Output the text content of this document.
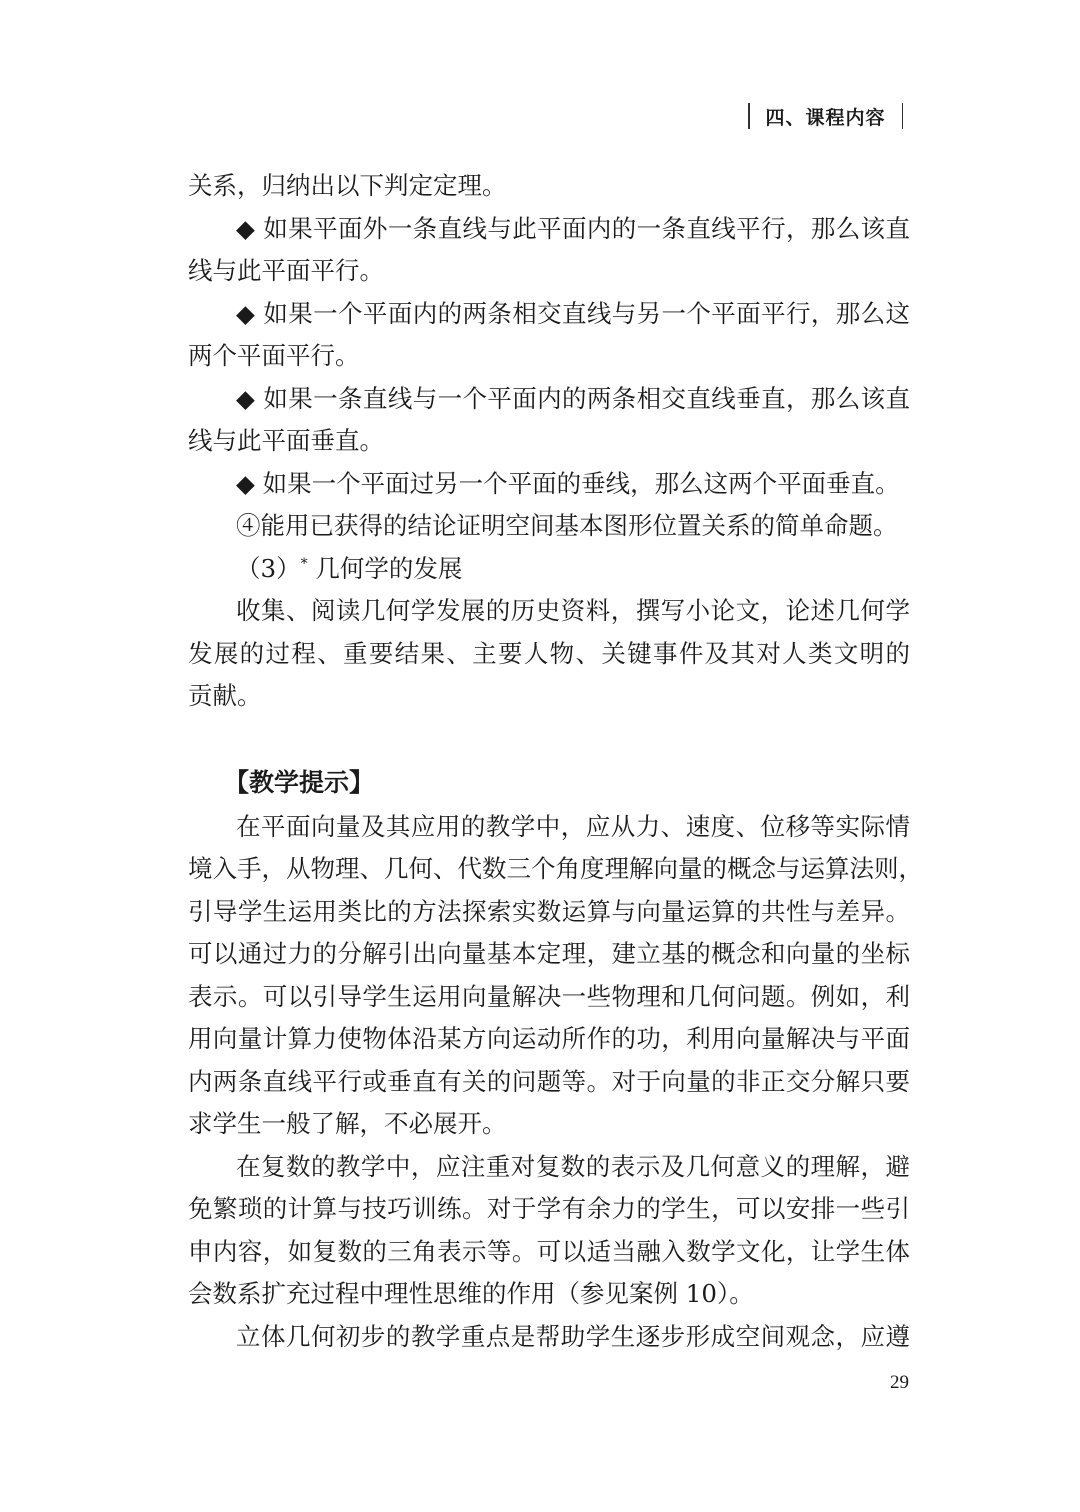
四、课程内容
关系，归纳出以下判定定理。
◆ 如果平面外一条直线与此平面内的一条直线平行，那么该直
线与此平面平行。
◆ 如果一个平面内的两条相交直线与另一个平面平行，那么这
两个平面平行。
◆ 如果一条直线与一个平面内的两条相交直线垂直，那么该直
线与此平面垂直。
◆ 如果一个平面过另一个平面的垂线，那么这两个平面垂直。
④能用已获得的结论证明空间基本图形位置关系的简单命题。
（3）* 几何学的发展
收集、阅读几何学发展的历史资料，撰写小论文，论述几何学
发展的过程、重要结果、主要人物、关键事件及其对人类文明的
贡献。
【教学提示】
在平面向量及其应用的教学中，应从力、速度、位移等实际情
境入手，从物理、几何、代数三个角度理解向量的概念与运算法则，
引导学生运用类比的方法探索实数运算与向量运算的共性与差异。
可以通过力的分解引出向量基本定理，建立基的概念和向量的坐标
表示。可以引导学生运用向量解决一些物理和几何问题。例如，利
用向量计算力使物体沿某方向运动所作的功，利用向量解决与平面
内两条直线平行或垂直有关的问题等。对于向量的非正交分解只要
求学生一般了解，不必展开。
在复数的教学中，应注重对复数的表示及几何意义的理解，避
免繁琐的计算与技巧训练。对于学有余力的学生，可以安排一些引
申内容，如复数的三角表示等。可以适当融入数学文化，让学生体
会数系扩充过程中理性思维的作用（参见案例 10）。
立体几何初步的教学重点是帮助学生逐步形成空间观念，应遵
29
